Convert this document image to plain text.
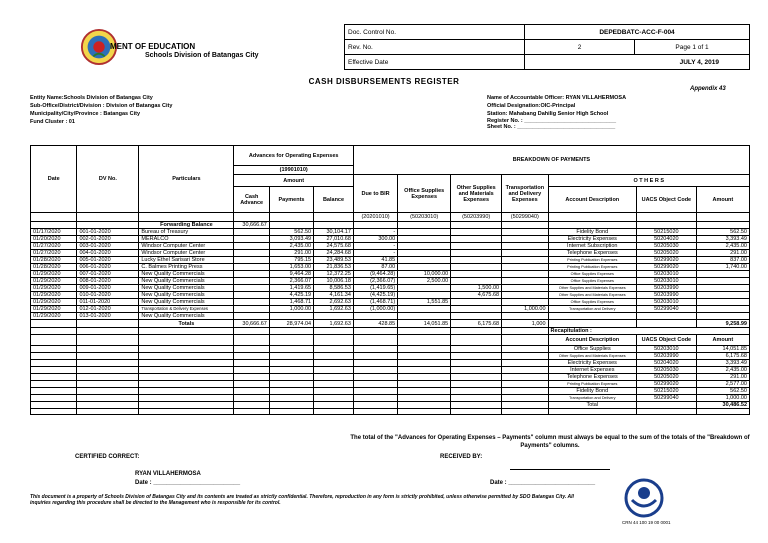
MENT OF EDUCATION
Schools Division of Batangas City
Doc. Control No.	DEPEDBATC-ACC-F-004	
Rev. No.	2	Page 1 of 1
Effective Date	JULY 4, 2019	
CASH DISBURSEMENTS REGISTER
Appendix 43
Entity Name:Schools Division of Batangas City
Sub-Office/District/Division : Division of Batangas City
Municipality/City/Province : Batangas City
Fund Cluster : 01
Name of Accountable Officer: RYAN VILLAHERMOSA
Official Designation:OIC-Principal
Station: Mahabang Dahilig Senior High School
Register No. : ______________________________
Sheet No. : ________________________________
Date	DV No.	Particulars	Advances for Operating Expenses			BREAKDOWN OF PAYMENTS						
			(19901010)									
			Amount			Due to BIR	Office Supplies Expenses	Other Supplies and Materials Expenses	Transportation and Delivery Expenses	O T H E R S		
			Cash Advance	Payments	Balance					Account Description	UACS Object Code	Amount
						(20201010)	(50203010)	(50203990)	(50299040)			
		Forwarding Balance	30,666.67									
01/17/2020	001-01-2020	Bureau of Treasury		562.50	30,104.17	-				Fidelity Bond	50215020	562.50
01/20/2020	002-01-2020	MERALCO		3,093.49	27,010.68	300.00				Electricity Expenses	50204020	3,393.49
01/27/2020	003-01-2020	Windsor Computer Center		2,435.00	24,575.68	-				Internet Subscription	50205030	2,435.00
01/27/2020	004-01-2020	Windsor Computer Center		291.00	24,284.68	-				Telephone Expenses	50205020	291.00
01/28/2020	005-01-2020	Lucky Ethel Sarisari Store		795.15	23,489.53	41.85				Printing Publication Expenses	50299020	837.00
01/28/2020	006-01-2020	C. Balmes Printing Press		1,653.00	21,836.53	87.00				Printing Publication Expenses	50299020	1,740.00
01/29/2020	007-01-2020	New Quality Commercials		9,464.28	12,372.25	(9,464.28)	10,000.00			Office Supplies Expenses	50203010	
01/29/2020	008-01-2020	New Quality Commercials		2,366.07	10,006.18	(2,366.07)	2,500.00			Office Supplies Expenses	50203010	
01/29/2020	009-01-2020	New Quality Commercials		1,419.65	8,586.53	(1,419.65)		1,500.00		Other Supplies and Materials Expenses	50203990	
01/29/2020	010-01-2020	New Quality Commercials		4,425.19	4,161.34	(4,425.19)		4,675.68		Other Supplies and Materials Expenses	50203990	
01/29/2020	011-01-2020	New Quality Commercials		1,468.71	2,692.63	(1,468.71)	1,551.85			Office Supplies Expenses	50203010	
01/29/2020	012-01-2020	Transportation & Delivery Expenses		1,000.00	1,692.63	(1,000.00)			1,000.00	Transportation and Delivery	50299040	
01/29/2020	013-01-2020	New Quality Commercials										
		Totals	30,666.67	28,974.04	1,692.63	428.85	14,051.85	6,175.68	1,000			9,258.99
										Recapitulation :		
										Account Description	UACS Object Code	Amount
										Office Supplies	50203010	14,051.85
										Other Supplies and Materials Expenses	50203990	6,175.68
										Electricity Expenses	50204020	3,393.49
										Internet Expenses	50205030	2,435.00
										Telephone Expenses	50205020	291.00
										Printing Publication Expenses	50299020	2,577.00
										Fidelity Bond	50215020	562.50
										Transportation and Delivery	50299040	1,000.00
										Total		30,486.52

The total of the "Advances for Operating Expenses – Payments" column must always be equal to the sum of the totals of the "Breakdown of Payments" columns.
CERTIFIED CORRECT:	RECEIVED BY:
RYAN VILLAHERMOSA
Date : __________________________	Date : __________________________
This document is a property of Schools Division of Batangas City and its contents are treated as strictly confidential. Therefore, reproduction in any form is strictly prohibited, unless otherwise permitted by SDO Batangas City. All inquiries regarding this procedure shall be directed to the Management who is responsible for its control.
CRN 44 100 19 00 0001
